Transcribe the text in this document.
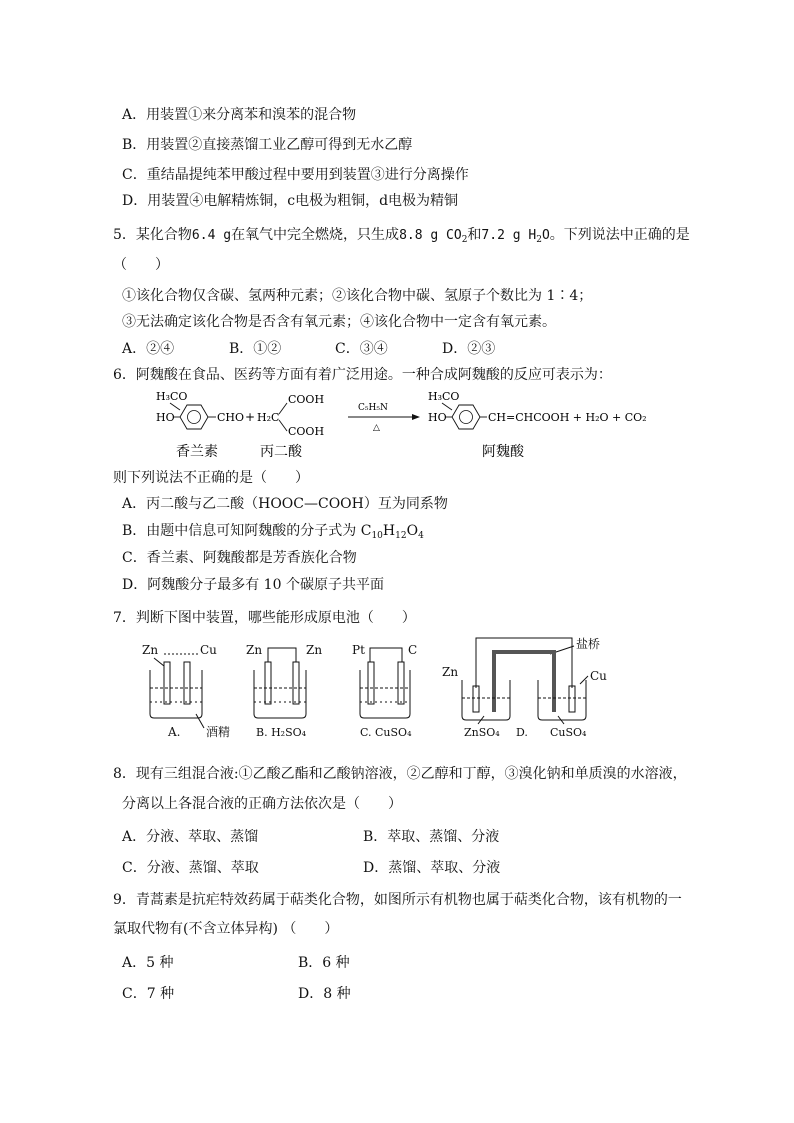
A．用装置①来分离苯和溴苯的混合物
B．用装置②直接蒸馏工业乙醇可得到无水乙醇
C．重结晶提纯苯甲酸过程中要用到装置③进行分离操作
D．用装置④电解精炼铜，c电极为粗铜，d电极为精铜
5．某化合物6.4 g在氧气中完全燃烧，只生成8.8 g $CO_2$和7.2 g $H_2O$。下列说法中正确的是
（　　）
①该化合物仅含碳、氢两种元素；②该化合物中碳、氢原子个数比为 1∶4；
③无法确定该化合物是否含有氧元素；④该化合物中一定含有氧元素。
A．②④	B．①②	C．③④	D．②③
6．阿魏酸在食品、医药等方面有着广泛用途。一种合成阿魏酸的反应可表示为：
H₃CO
HO	CHO + H₂C
COOH
COOH
C₅H₅N
△
H₃CO
HO	CH=CHCOOH + H₂O + CO₂
香兰素	丙二酸	阿魏酸
则下列说法不正确的是（　　）
A．丙二酸与乙二酸（HOOC—COOH）互为同系物
B．由题中信息可知阿魏酸的分子式为 $C_{10}H_{12}O_4$
C．香兰素、阿魏酸都是芳香族化合物
D．阿魏酸分子最多有 10 个碳原子共平面
7．判断下图中装置，哪些能形成原电池（　　）
Zn	Cu
A. 酒精
Zn	Zn
B. H₂SO₄
Pt	C
C. CuSO₄
Zn	Cu
盐桥
ZnSO₄ D. CuSO₄
8．现有三组混合液:①乙酸乙酯和乙酸钠溶液，②乙醇和丁醇，③溴化钠和单质溴的水溶液，
分离以上各混合液的正确方法依次是（　　）
A．分液、萃取、蒸馏	B．萃取、蒸馏、分液
C．分液、蒸馏、萃取	D．蒸馏、萃取、分液
9．青蒿素是抗疟特效药属于萜类化合物，如图所示有机物也属于萜类化合物，该有机物的一
氯取代物有(不含立体异构) （　　）
A．5 种	B．6 种
C．7 种	D．8 种
